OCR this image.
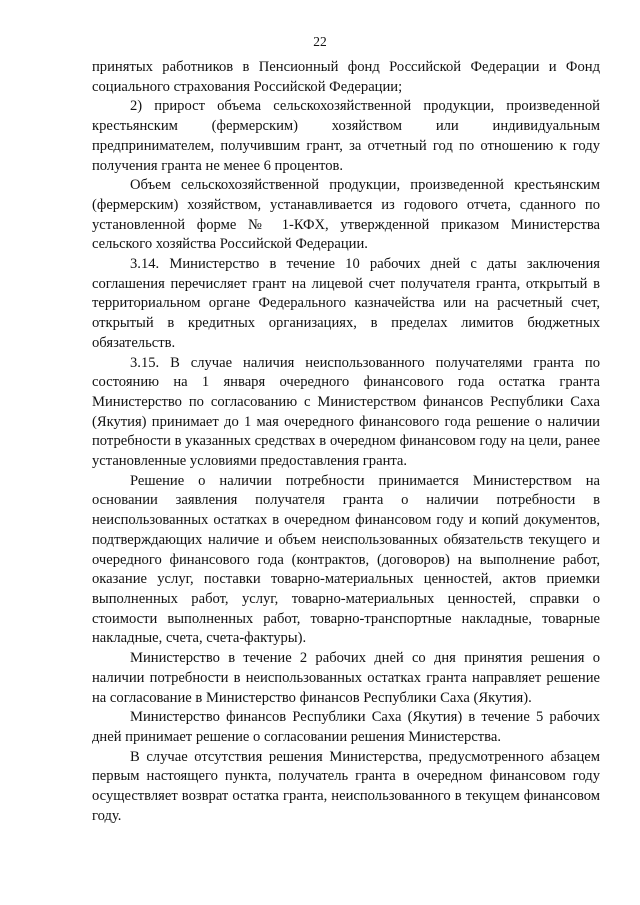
22

принятых работников в Пенсионный фонд Российской Федерации и Фонд социального страхования Российской Федерации;

2) прирост объема сельскохозяйственной продукции, произведенной крестьянским (фермерским) хозяйством или индивидуальным предпринимателем, получившим грант, за отчетный год по отношению к году получения гранта не менее 6 процентов.

Объем сельскохозяйственной продукции, произведенной крестьянским (фермерским) хозяйством, устанавливается из годового отчета, сданного по установленной форме № 1-КФХ, утвержденной приказом Министерства сельского хозяйства Российской Федерации.

3.14. Министерство в течение 10 рабочих дней с даты заключения соглашения перечисляет грант на лицевой счет получателя гранта, открытый в территориальном органе Федерального казначейства или на расчетный счет, открытый в кредитных организациях, в пределах лимитов бюджетных обязательств.

3.15. В случае наличия неиспользованного получателями гранта по состоянию на 1 января очередного финансового года остатка гранта Министерство по согласованию с Министерством финансов Республики Саха (Якутия) принимает до 1 мая очередного финансового года решение о наличии потребности в указанных средствах в очередном финансовом году на цели, ранее установленные условиями предоставления гранта.

Решение о наличии потребности принимается Министерством на основании заявления получателя гранта о наличии потребности в неиспользованных остатках в очередном финансовом году и копий документов, подтверждающих наличие и объем неиспользованных обязательств текущего и очередного финансового года (контрактов, (договоров) на выполнение работ, оказание услуг, поставки товарно-материальных ценностей, актов приемки выполненных работ, услуг, товарно-материальных ценностей, справки о стоимости выполненных работ, товарно-транспортные накладные, товарные накладные, счета, счета-фактуры).

Министерство в течение 2 рабочих дней со дня принятия решения о наличии потребности в неиспользованных остатках гранта направляет решение на согласование в Министерство финансов Республики Саха (Якутия).

Министерство финансов Республики Саха (Якутия) в течение 5 рабочих дней принимает решение о согласовании решения Министерства.

В случае отсутствия решения Министерства, предусмотренного абзацем первым настоящего пункта, получатель гранта в очередном финансовом году осуществляет возврат остатка гранта, неиспользованного в текущем финансовом году.
